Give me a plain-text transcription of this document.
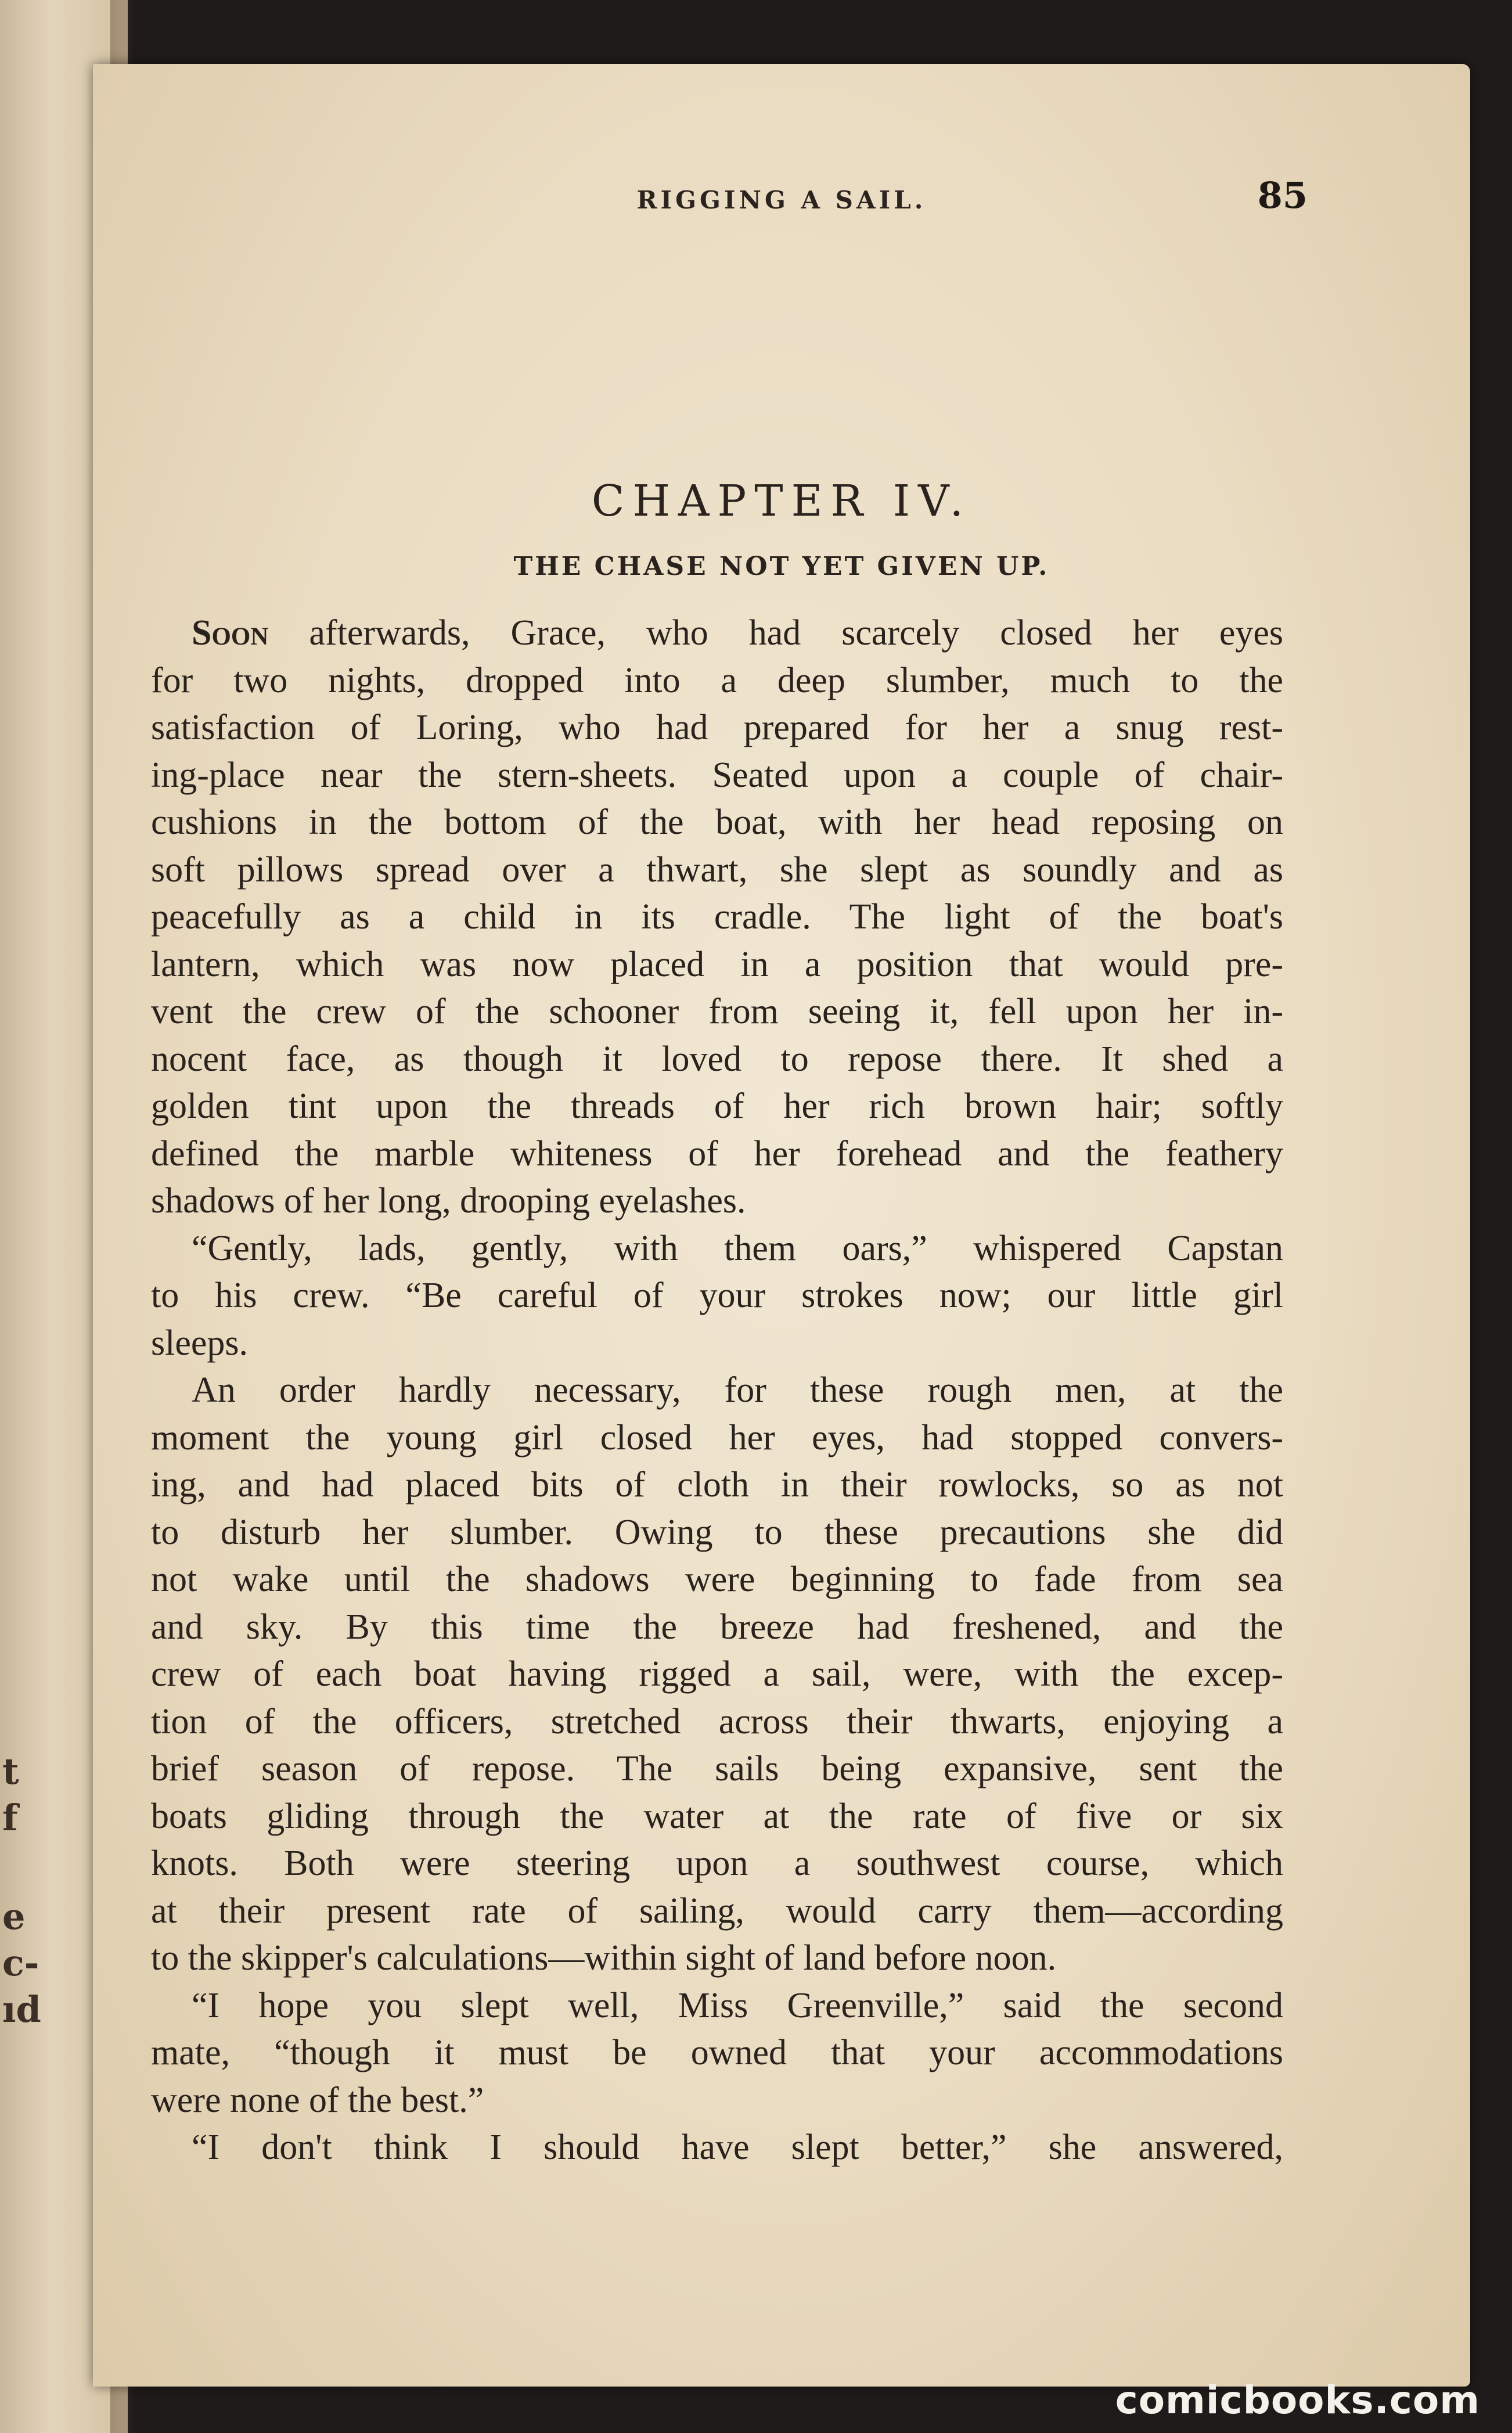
t
f
e
c-
ıd
RIGGING A SAIL.	85
CHAPTER IV.
THE CHASE NOT YET GIVEN UP.
Soon afterwards, Grace, who had scarcely closed her eyes
for two nights, dropped into a deep slumber, much to the
satisfaction of Loring, who had prepared for her a snug rest-
ing-place near the stern-sheets. Seated upon a couple of chair-
cushions in the bottom of the boat, with her head reposing on
soft pillows spread over a thwart, she slept as soundly and as
peacefully as a child in its cradle. The light of the boat's
lantern, which was now placed in a position that would pre-
vent the crew of the schooner from seeing it, fell upon her in-
nocent face, as though it loved to repose there. It shed a
golden tint upon the threads of her rich brown hair; softly
defined the marble whiteness of her forehead and the feathery
shadows of her long, drooping eyelashes.
“Gently, lads, gently, with them oars,” whispered Capstan
to his crew. “Be careful of your strokes now; our little girl
sleeps.
An order hardly necessary, for these rough men, at the
moment the young girl closed her eyes, had stopped convers-
ing, and had placed bits of cloth in their rowlocks, so as not
to disturb her slumber. Owing to these precautions she did
not wake until the shadows were beginning to fade from sea
and sky. By this time the breeze had freshened, and the
crew of each boat having rigged a sail, were, with the excep-
tion of the officers, stretched across their thwarts, enjoying a
brief season of repose. The sails being expansive, sent the
boats gliding through the water at the rate of five or six
knots. Both were steering upon a southwest course, which
at their present rate of sailing, would carry them—according
to the skipper's calculations—within sight of land before noon.
“I hope you slept well, Miss Greenville,” said the second
mate, “though it must be owned that your accommodations
were none of the best.”
“I don't think I should have slept better,” she answered,
comicbooks.com
